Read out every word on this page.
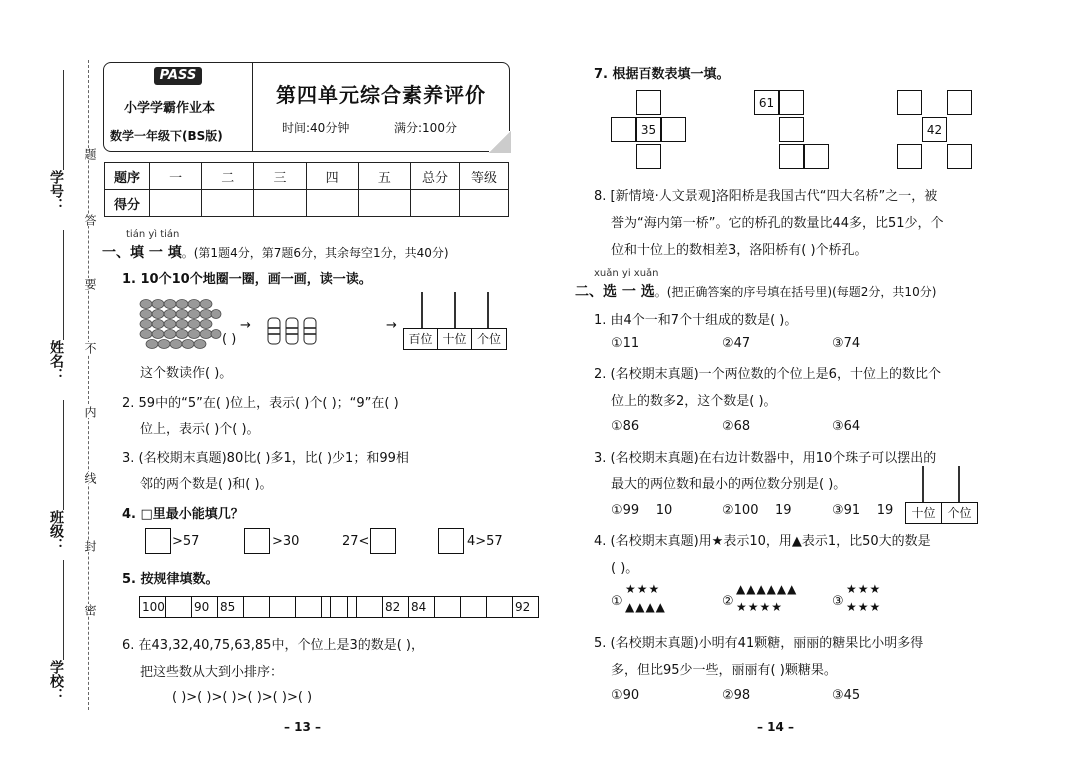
学号：
姓名：
班级：
学校：
题
答
要
不
内
线
封
密
PASS
小学学霸作业本
数学一年级下(BS版)
第四单元综合素养评价
时间:40分钟	满分:100分
题序	一	二	三	四	五	总分	等级
得分							
tián yì tián
一、填 一 填。(第1题4分，第7题6分，其余每空1分，共40分)
1. 10个10个地圈一圈，画一画，读一读。
( )
→	→
百位 十位 个位
这个数读作( )。
2. 59中的“5”在( )位上，表示( )个( )；“9”在( )
位上，表示( )个( )。
3. (名校期末真题)80比( )多1，比( )少1；和99相
邻的两个数是( )和( )。
4. □里最小能填几？
>57	>30	27<	4>57
5. 按规律填数。
100 90 85	82 84	92
6. 在43,32,40,75,63,85中，个位上是3的数是( )，
把这些数从大到小排序：
( )>( )>( )>( )>( )>( )
– 13 –
7. 根据百数表填一填。
35
61
42
8. [新情境·人文景观]洛阳桥是我国古代“四大名桥”之一，被
誉为“海内第一桥”。它的桥孔的数量比44多，比51少，个
位和十位上的数相差3，洛阳桥有( )个桥孔。
xuǎn yi xuǎn
二、选 一 选。(把正确答案的序号填在括号里)(每题2分，共10分)
1. 由4个一和7个十组成的数是( )。
①11	②47	③74
2. (名校期末真题)一个两位数的个位上是6，十位上的数比个
位上的数多2，这个数是( )。
①86	②68	③64
3. (名校期末真题)在右边计数器中，用10个珠子可以摆出的
最大的两位数和最小的两位数分别是( )。
①99    10	②100    19	③91    19	十位 个位
4. (名校期末真题)用★表示10，用▲表示1，比50大的数是
( )。
①
★★★
▲▲▲▲	②
▲▲▲▲▲▲
★★★★	③
★★★
★★★
5. (名校期末真题)小明有41颗糖，丽丽的糖果比小明多得
多，但比95少一些，丽丽有( )颗糖果。
①90	②98	③45
– 14 –
